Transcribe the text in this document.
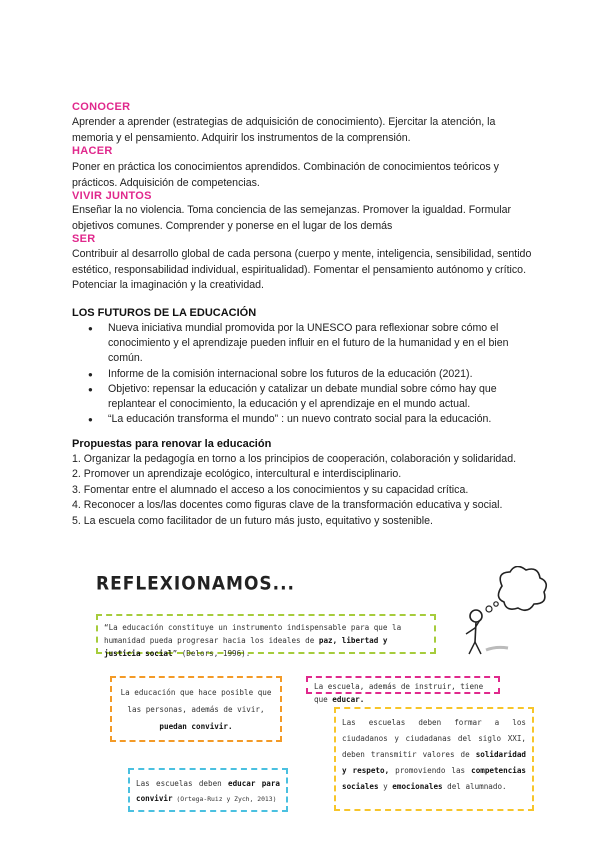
CONOCER
Aprender a aprender (estrategias de adquisición de conocimiento). Ejercitar la atención, la memoria y el pensamiento. Adquirir los instrumentos de la comprensión.
HACER
Poner en práctica los conocimientos aprendidos. Combinación de conocimientos teóricos y prácticos. Adquisición de competencias.
VIVIR JUNTOS
Enseñar la no violencia. Toma conciencia de las semejanzas. Promover la igualdad. Formular objetivos comunes. Comprender y ponerse en el lugar de los demás
SER
Contribuir al desarrollo global de cada persona (cuerpo y mente, inteligencia, sensibilidad, sentido estético, responsabilidad individual, espiritualidad). Fomentar el pensamiento autónomo y crítico. Potenciar la imaginación y la creatividad.
LOS FUTUROS DE LA EDUCACIÓN
● Nueva iniciativa mundial promovida por la UNESCO para reflexionar sobre cómo el conocimiento y el aprendizaje pueden influir en el futuro de la humanidad y en el bien común.
● Informe de la comisión internacional sobre los futuros de la educación (2021).
● Objetivo: repensar la educación y catalizar un debate mundial sobre cómo hay que replantear el conocimiento, la educación y el aprendizaje en el mundo actual.
● “La educación transforma el mundo” : un nuevo contrato social para la educación.
Propuestas para renovar la educación
1. Organizar la pedagogía en torno a los principios de cooperación, colaboración y solidaridad.
2. Promover un aprendizaje ecológico, intercultural e interdisciplinario.
3. Fomentar entre el alumnado el acceso a los conocimientos y su capacidad crítica.
4. Reconocer a los/las docentes como figuras clave de la transformación educativa y social.
5. La escuela como facilitador de un futuro más justo, equitativo y sostenible.
REFLEXIONAMOS...
“La educación constituye un instrumento indispensable para que la humanidad pueda progresar hacia los ideales de paz, libertad y justicia social” (Delors, 1996).
La educación que hace posible que las personas, además de vivir,
puedan convivir.
La escuela, además de instruir, tiene que educar.
Las escuelas deben formar a los ciudadanos y ciudadanas del siglo XXI, deben transmitir valores de solidaridad y respeto, promoviendo las competencias sociales y emocionales del alumnado.
Las escuelas deben educar para convivir (Ortega-Ruiz y Zych, 2013)
